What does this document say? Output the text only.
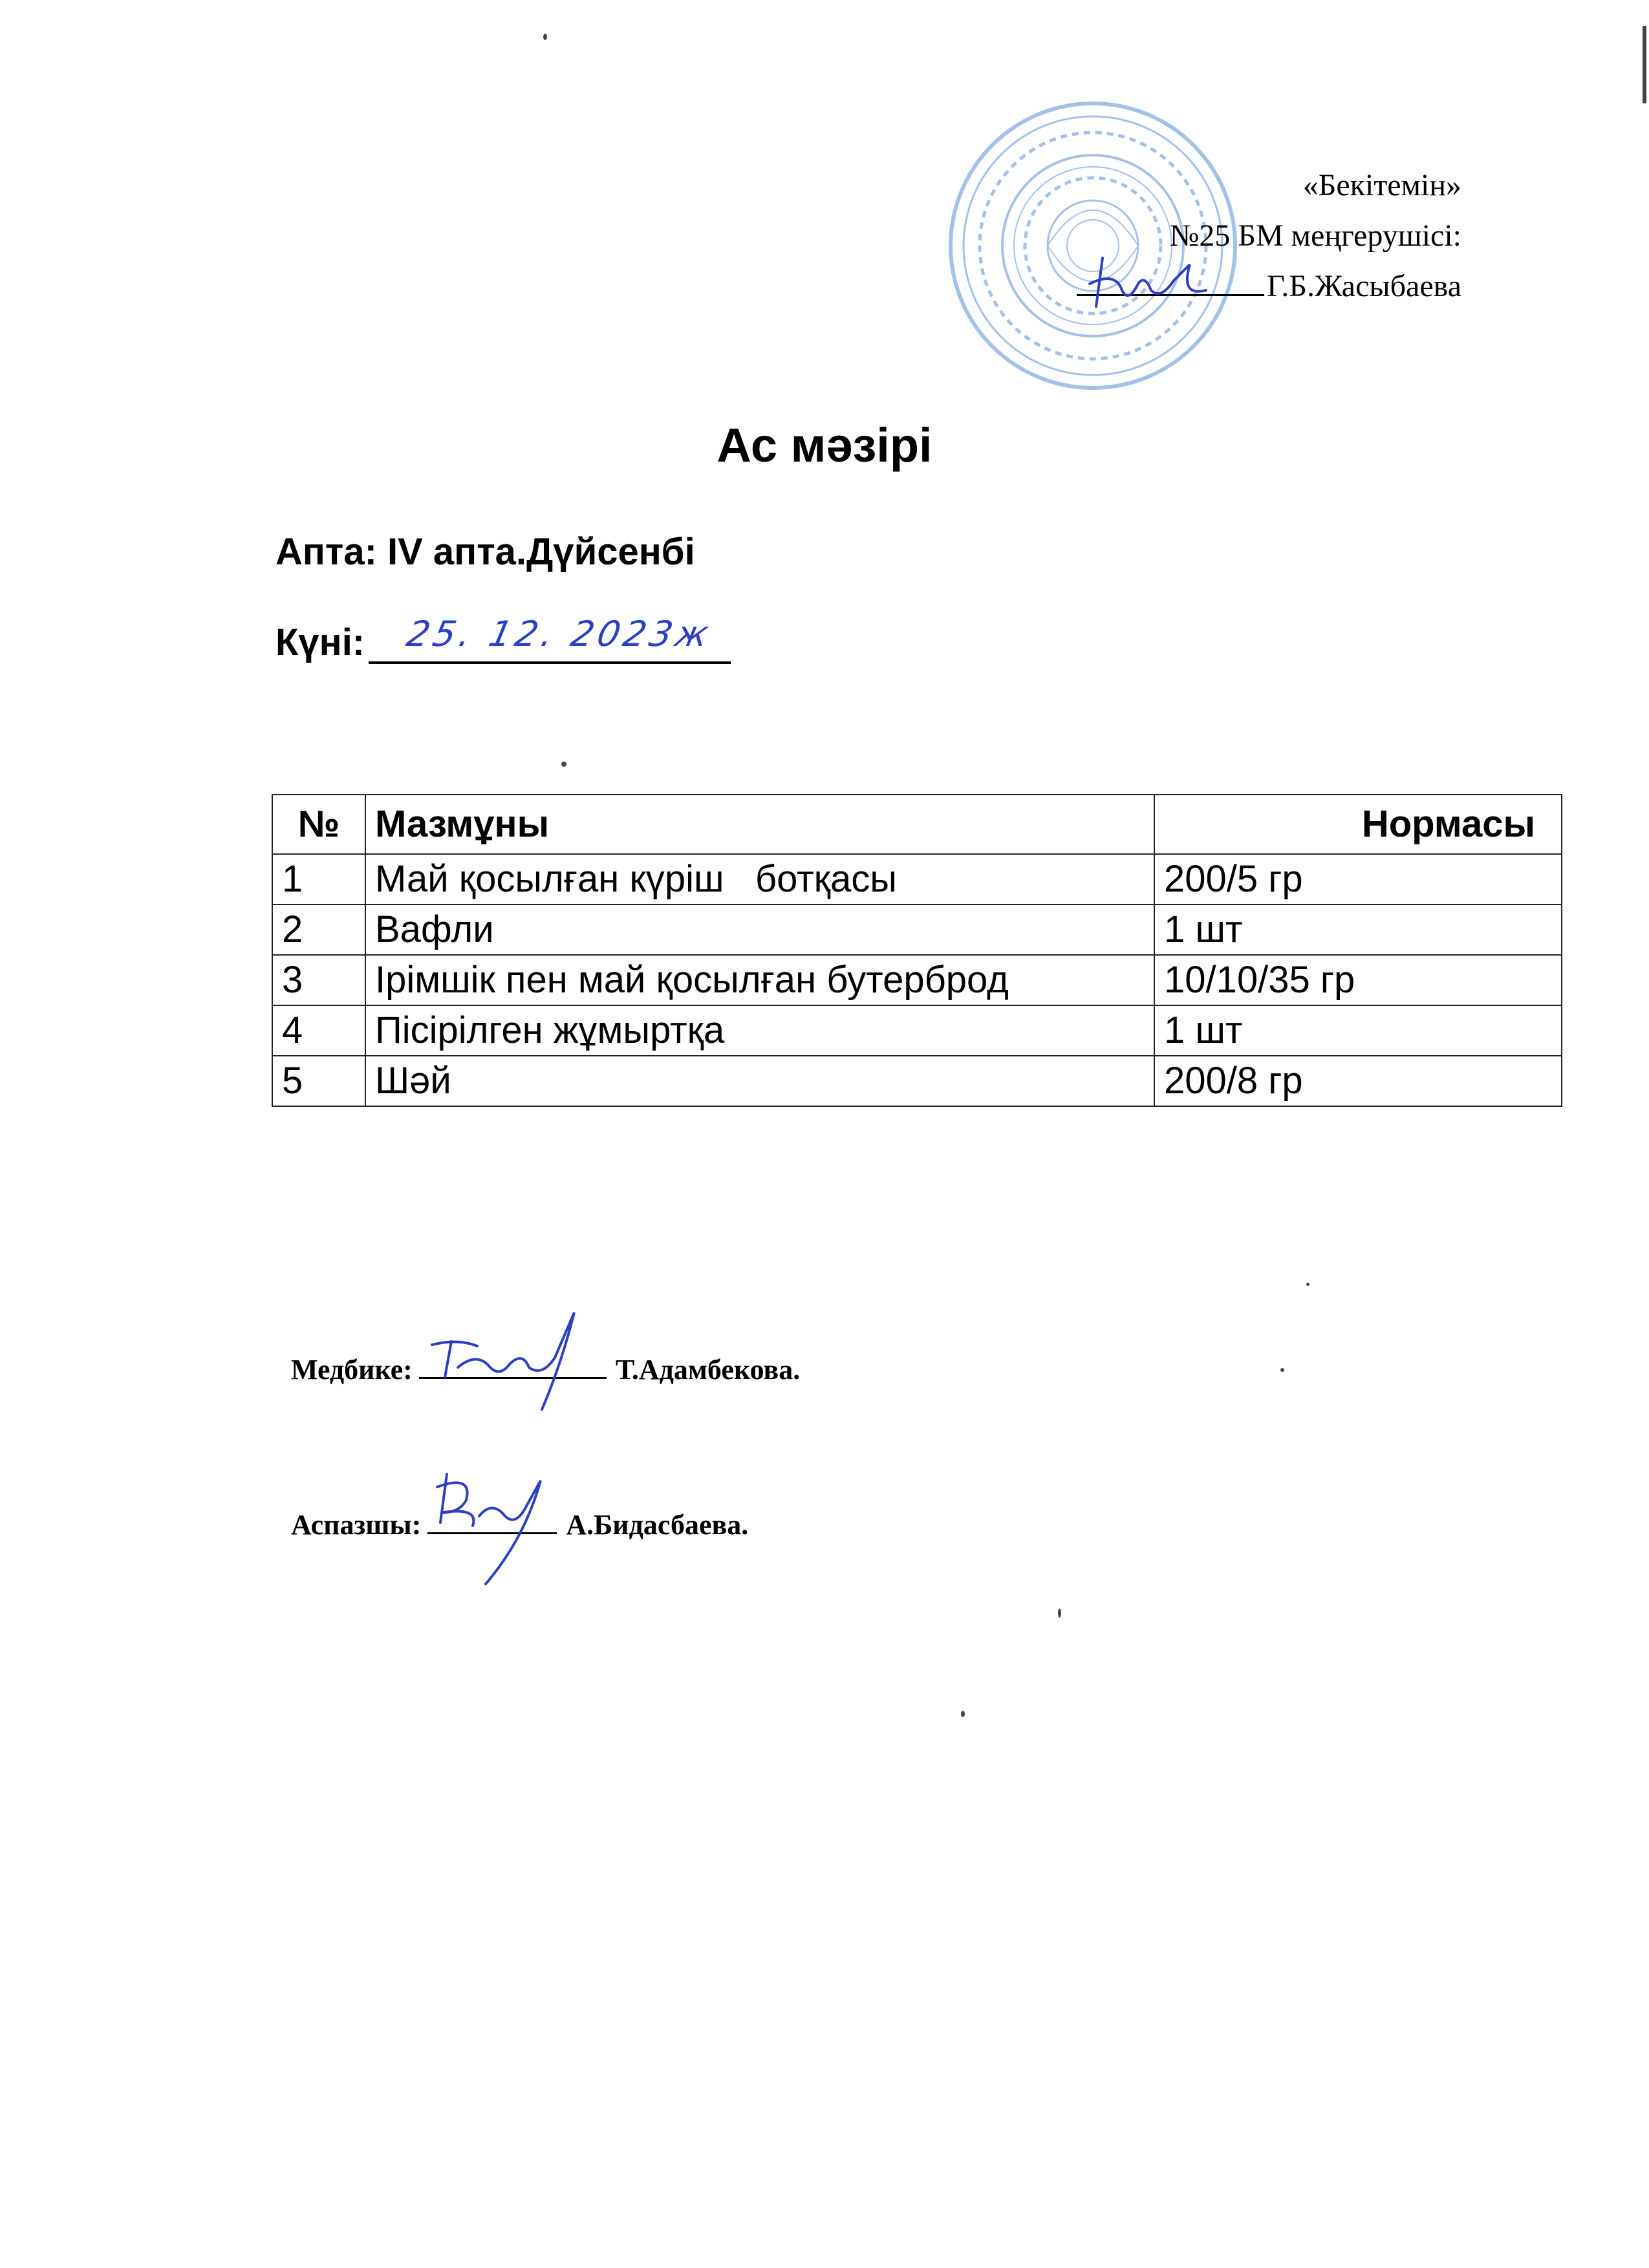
«Бекітемін»
№25 БМ меңгерушісі:
Г.Б.Жасыбаева
Ас мәзірі
Апта: IV апта.Дүйсенбі
Күні: 25. 12. 2023ж
№	Мазмұны	Нормасы
1	Май қосылған күріш   ботқасы	200/5 гр
2	Вафли	1 шт
3	Ірімшік пен май қосылған бутерброд	10/10/35 гр
4	Пісірілген жұмыртқа	1 шт
5	Шәй	200/8 гр
Медбике:	Т.Адамбекова.
Аспазшы:	А.Бидасбаева.
